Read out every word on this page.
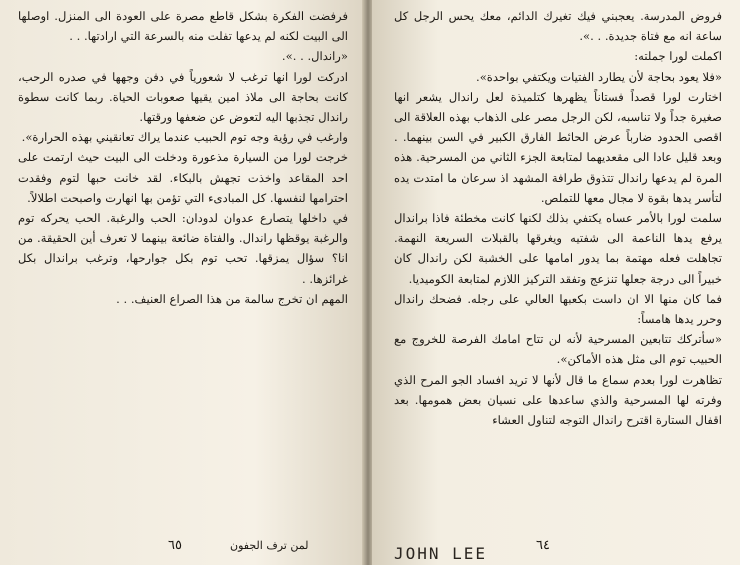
فرفضت الفكرة بشكل قاطع مصرة على العودة الى المنزل. اوصلها الى البيت لكنه لم يدعها تفلت منه بالسرعة التي ارادتها. . .

«راندال. . .».

ادركت لورا انها ترغب لا شعورياً في دفن وجهها في صدره الرحب، كانت بحاجة الى ملاذ امين يقيها صعوبات الحياة. ربما كانت سطوة راندال تجذبها اليه لتعوض عن ضعفها ورقتها.

وارغب في رؤية وجه توم الحبيب عندما يراك تعانقيني بهذه الحرارة».

خرجت لورا من السيارة مذعورة ودخلت الى البيت حيث ارتمت على احد المقاعد واخذت تجهش بالبكاء. لقد خانت حبها لتوم وفقدت احترامها لنفسها. كل المبادىء التي تؤمن بها انهارت واصبحت اطلالاً.

في داخلها يتصارع عدوان لدودان: الحب والرغبة. الحب يحركه توم والرغبة يوقظها راندال. والفتاة ضائعة بينهما لا تعرف أين الحقيقة. من انا؟ سؤال يمزقها. تحب توم بكل جوارحها، وترغب براندال بكل غرائزها. .

المهم ان تخرج سالمة من هذا الصراع العنيف. . .

٦٥	لمن ترف الجفون

فروض المدرسة. يعجبني فيك تغيرك الدائم، معك يحس الرجل كل ساعة انه مع فتاة جديدة. . .».

اكملت لورا جملته:

«فلا يعود بحاجة لأن يطارد الفتيات ويكتفي بواحدة».

اختارت لورا قصداً فستاناً يظهرها كتلميذة لعل راندال يشعر انها صغيرة جداً ولا تناسبه، لكن الرجل مصر على الذهاب بهذه العلاقة الى اقصى الحدود ضارباً عرض الحائط الفارق الكبير في السن بينهما. . وبعد قليل عادا الى مقعديهما لمتابعة الجزء الثاني من المسرحية. هذه المرة لم يدعها راندال تتذوق طرافة المشهد اذ سرعان ما امتدت يده لتأسر يدها بقوة لا مجال معها للتملص.

سلمت لورا بالأمر عساه يكتفي بذلك لكنها كانت مخطئة فاذا براندال يرفع يدها الناعمة الى شفتيه ويغرقها بالقبلات السريعة النهمة. تجاهلت فعله مهتمة بما يدور امامها على الخشبة لكن راندال كان خبيراً الى درجة جعلها تنزعج وتفقد التركيز اللازم لمتابعة الكوميديا.

فما كان منها الا ان داست بكعبها العالي على رجله. فضحك راندال وحرر يدها هامساً:

«سأتركك تتابعين المسرحية لأنه لن تتاح امامك الفرصة للخروج مع الحبيب توم الى مثل هذه الأماكن».

تظاهرت لورا بعدم سماع ما قال لأنها لا تريد افساد الجو المرح الذي وفرته لها المسرحية والذي ساعدها على نسيان بعض همومها. بعد اقفال الستارة اقترح راندال التوجه لتناول العشاء

٦٤
JOHN LEE
